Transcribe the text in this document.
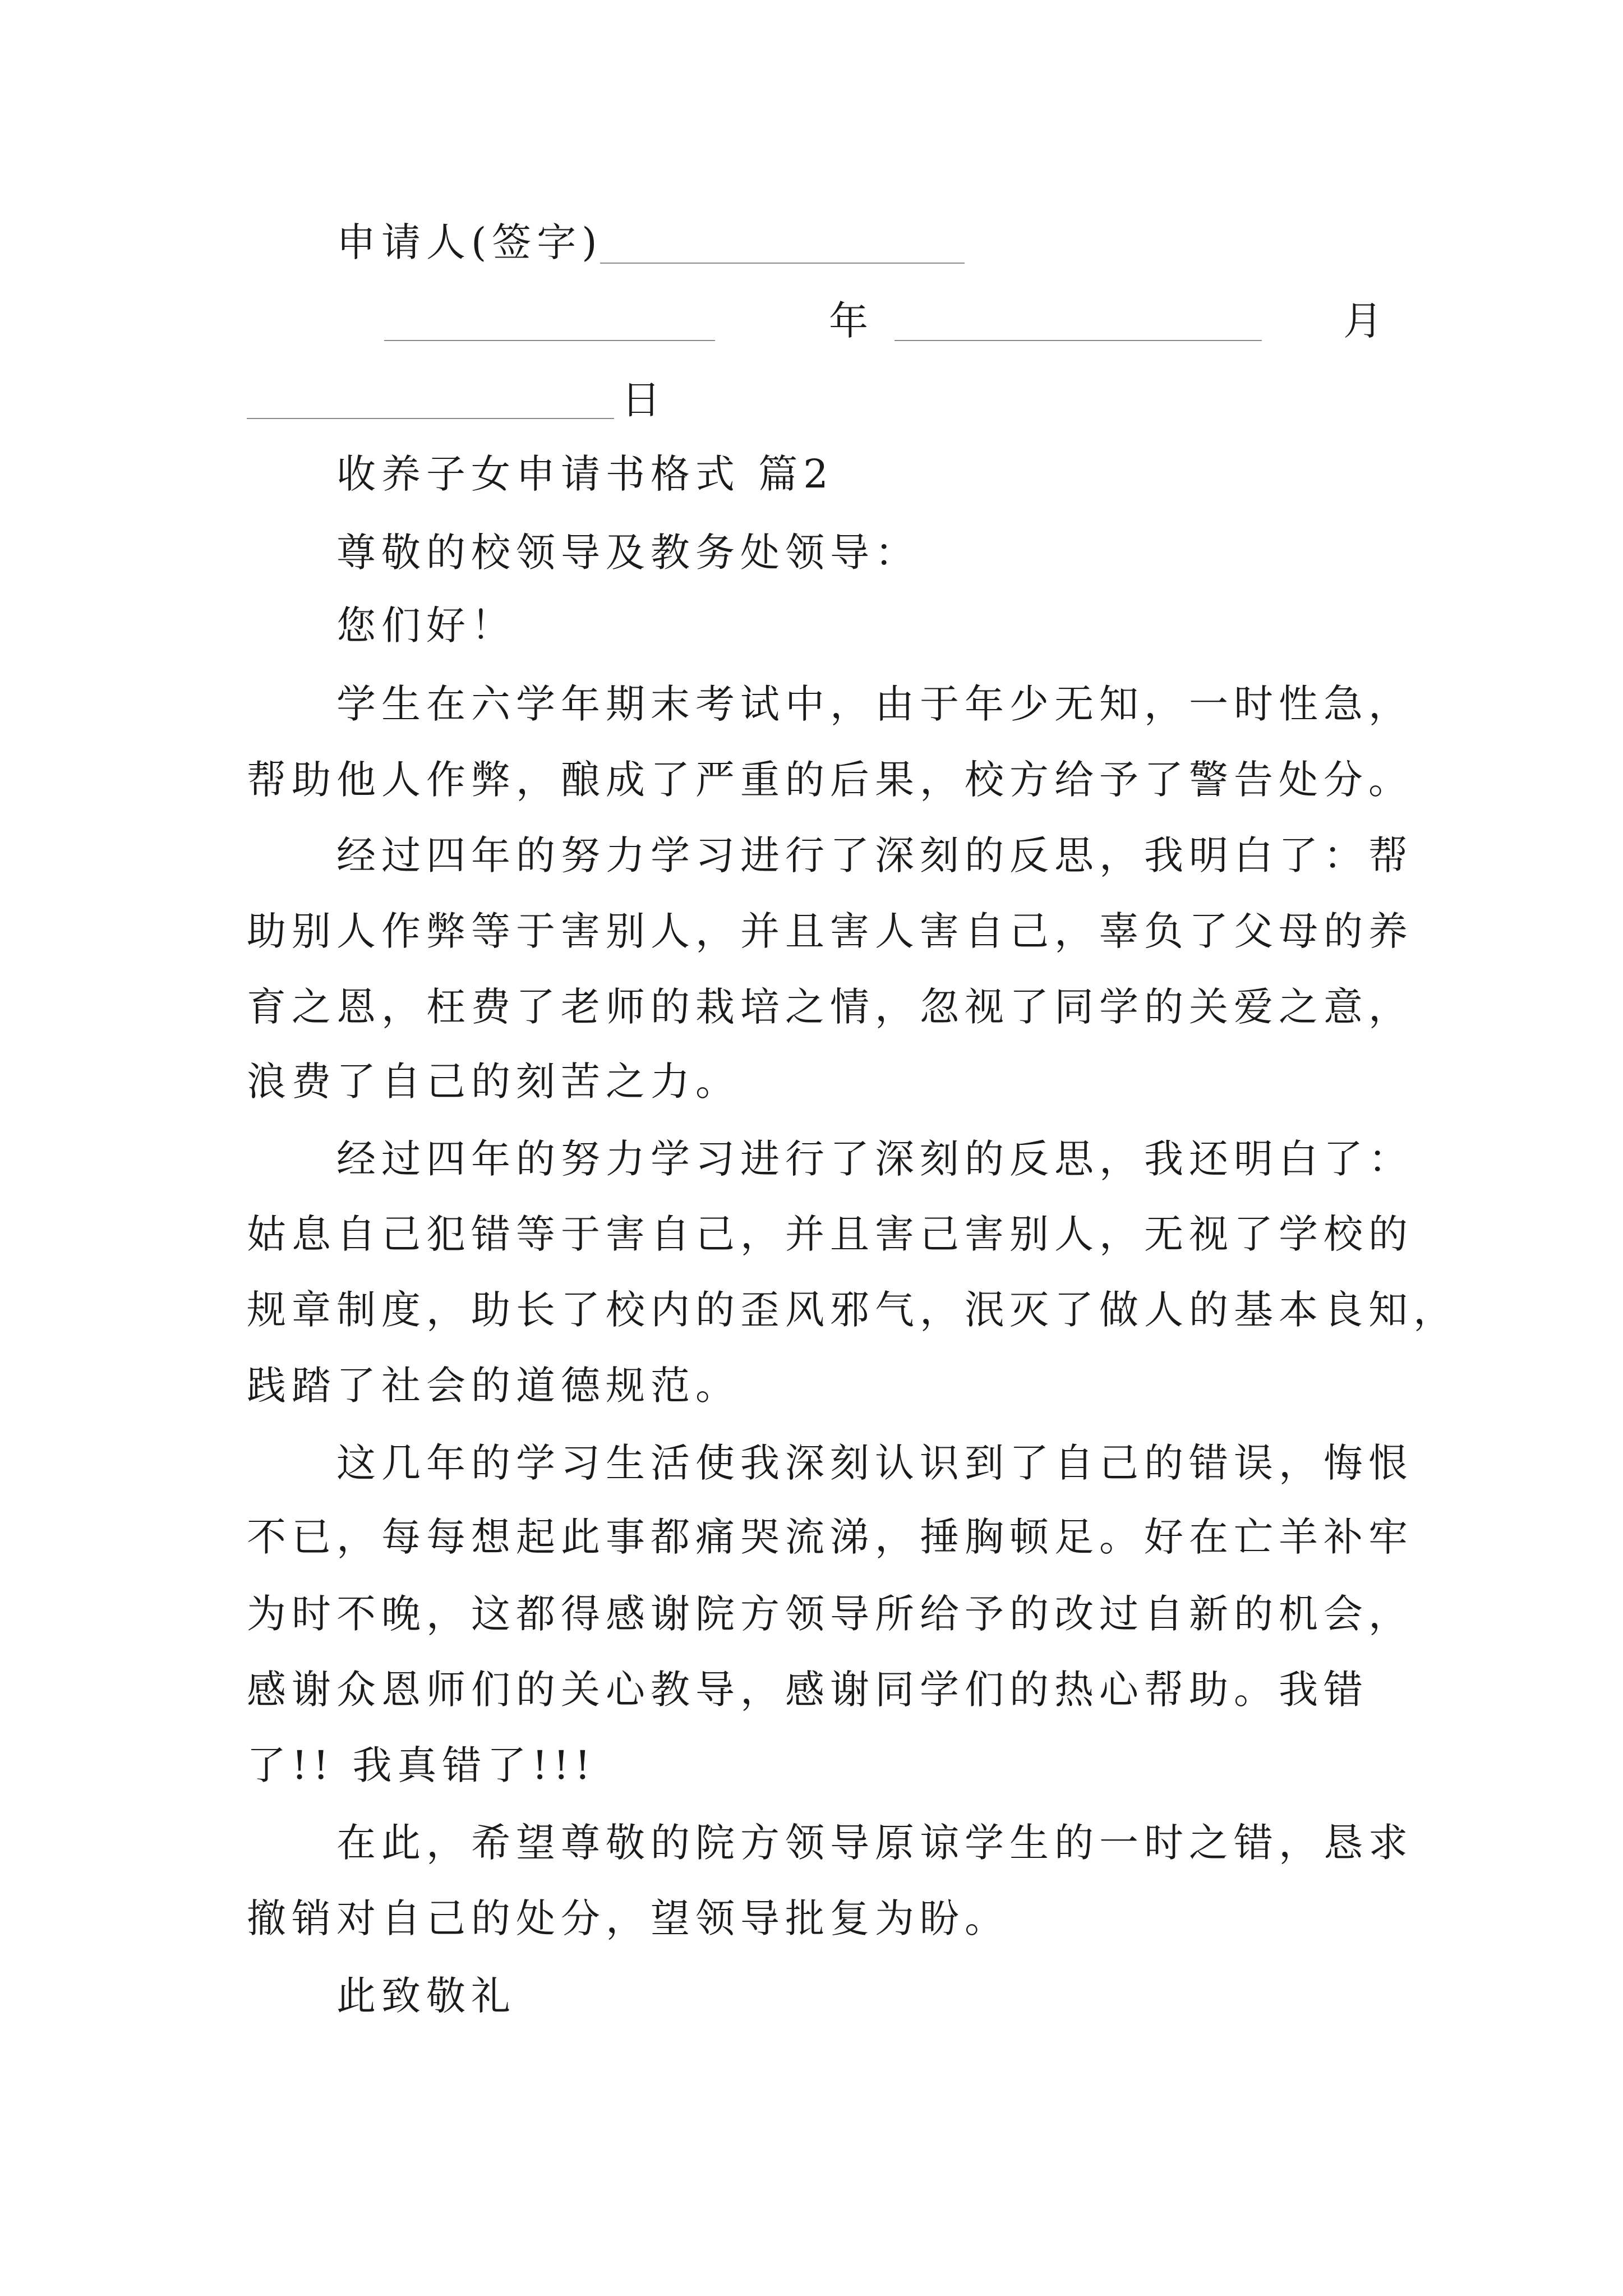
申请人(签字)
年	月
日
收养子女申请书格式 篇2
尊敬的校领导及教务处领导：
您们好！
学生在六学年期末考试中，由于年少无知，一时性急，
帮助他人作弊，酿成了严重的后果，校方给予了警告处分。
经过四年的努力学习进行了深刻的反思，我明白了：帮
助别人作弊等于害别人，并且害人害自己，辜负了父母的养
育之恩，枉费了老师的栽培之情，忽视了同学的关爱之意，
浪费了自己的刻苦之力。
经过四年的努力学习进行了深刻的反思，我还明白了：
姑息自己犯错等于害自己，并且害己害别人，无视了学校的
规章制度，助长了校内的歪风邪气，泯灭了做人的基本良知，
践踏了社会的道德规范。
这几年的学习生活使我深刻认识到了自己的错误，悔恨
不已，每每想起此事都痛哭流涕，捶胸顿足。好在亡羊补牢
为时不晚，这都得感谢院方领导所给予的改过自新的机会，
感谢众恩师们的关心教导，感谢同学们的热心帮助。我错
了!! 我真错了!!!
在此，希望尊敬的院方领导原谅学生的一时之错，恳求
撤销对自己的处分，望领导批复为盼。
此致敬礼
